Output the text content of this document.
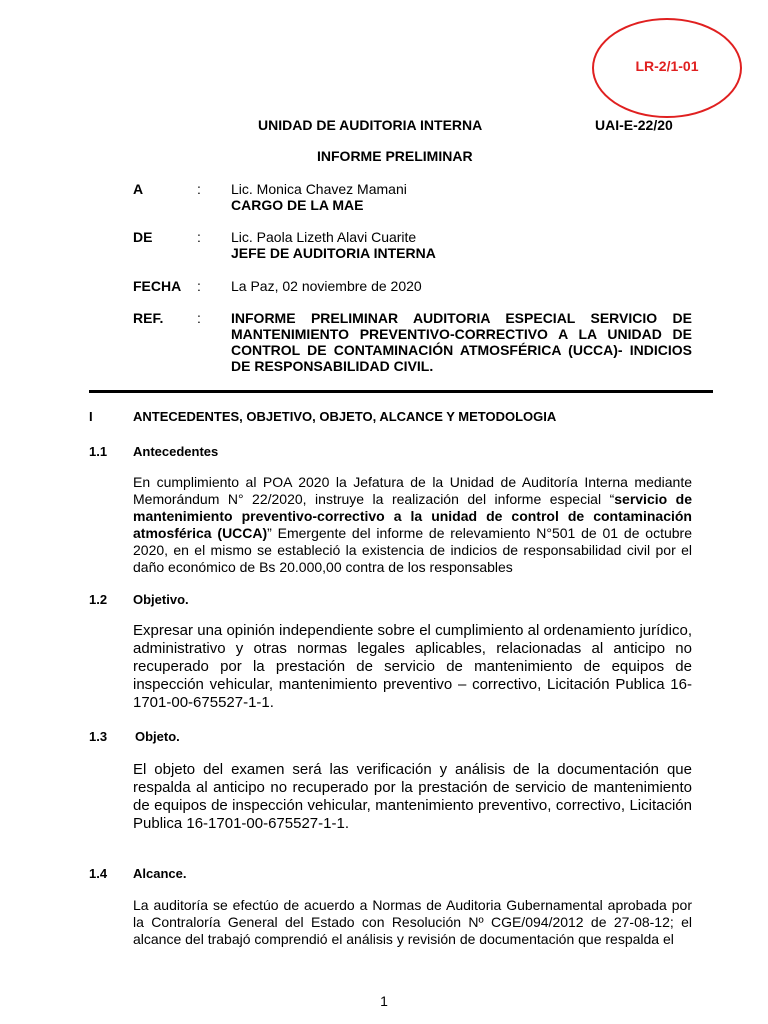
LR-2/1-01
UNIDAD DE AUDITORIA INTERNA	UAI-E-22/20
INFORME PRELIMINAR
A	: Lic. Monica Chavez Mamani
CARGO DE LA MAE
DE	: Lic. Paola Lizeth Alavi Cuarite
JEFE DE AUDITORIA INTERNA
FECHA : La Paz, 02 noviembre de 2020
REF. : INFORME PRELIMINAR AUDITORIA ESPECIAL SERVICIO DE MANTENIMIENTO PREVENTIVO-CORRECTIVO A LA UNIDAD DE CONTROL DE CONTAMINACIÓN ATMOSFÉRICA (UCCA)- INDICIOS DE RESPONSABILIDAD CIVIL.
I	ANTECEDENTES, OBJETIVO, OBJETO, ALCANCE Y METODOLOGIA
1.1 Antecedentes
En cumplimiento al POA 2020 la Jefatura de la Unidad de Auditoría Interna mediante Memorándum N° 22/2020, instruye la realización del informe especial “servicio de mantenimiento preventivo-correctivo a la unidad de control de contaminación atmosférica (UCCA)” Emergente del informe de relevamiento N°501 de 01 de octubre 2020, en el mismo se estableció la existencia de indicios de responsabilidad civil por el daño económico de Bs 20.000,00 contra de los responsables
1.2 Objetivo.
Expresar una opinión independiente sobre el cumplimiento al ordenamiento jurídico, administrativo y otras normas legales aplicables, relacionadas al anticipo no recuperado por la prestación de servicio de mantenimiento de equipos de inspección vehicular, mantenimiento preventivo – correctivo, Licitación Publica 16-1701-00-675527-1-1.
1.3 Objeto.
El objeto del examen será las verificación y análisis de la documentación que respalda al anticipo no recuperado por la prestación de servicio de mantenimiento de equipos de inspección vehicular, mantenimiento preventivo, correctivo, Licitación Publica 16-1701-00-675527-1-1.
1.4 Alcance.
La auditoría se efectúo de acuerdo a Normas de Auditoria Gubernamental aprobada por la Contraloría General del Estado con Resolución Nº CGE/094/2012 de 27-08-12; el alcance del trabajó comprendió el análisis y revisión de documentación que respalda el
1
